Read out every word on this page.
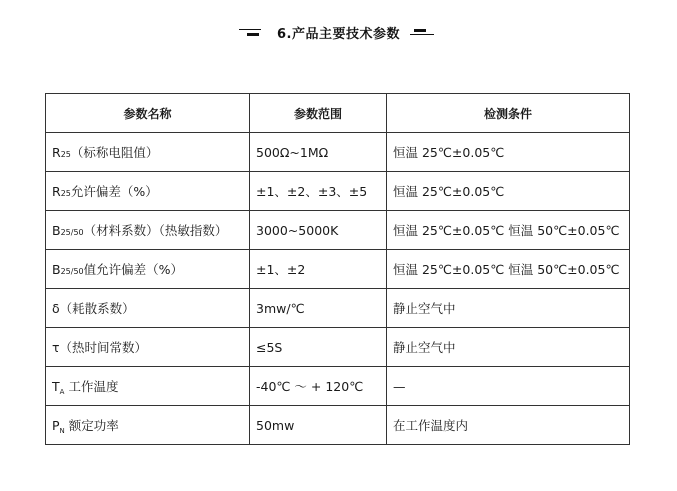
6.产品主要技术参数
参数名称	参数范围	检测条件
R25（标称电阻值）	500Ω~1MΩ	恒温 25℃±0.05℃
R25允许偏差（%）	±1、±2、±3、±5	恒温 25℃±0.05℃
B25/50（材料系数）（热敏指数）	3000~5000K	恒温 25℃±0.05℃ 恒温 50℃±0.05℃
B25/50值允许偏差（%）	±1、±2	恒温 25℃±0.05℃ 恒温 50℃±0.05℃
δ（耗散系数）	3mw/℃	静止空气中
τ（热时间常数）	≤5S	静止空气中
$T_A$ 工作温度	-40℃ ～ + 120℃	—
$P_N$ 额定功率	50mw	在工作温度内
